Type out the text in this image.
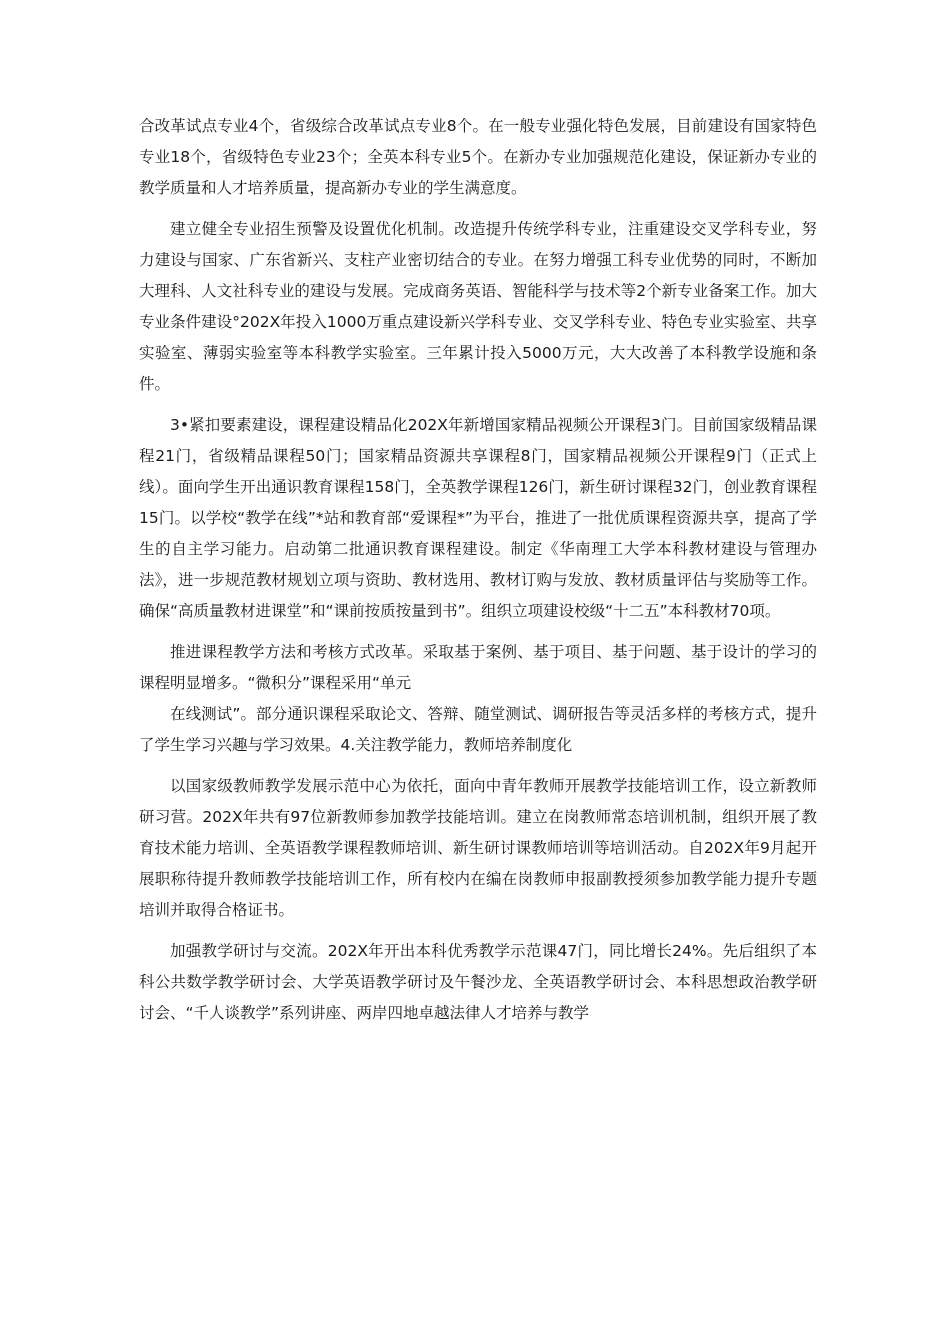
合改革试点专业4个，省级综合改革试点专业8个。在一般专业强化特色发展，目前建设有国家特色专业18个，省级特色专业23个；全英本科专业5个。在新办专业加强规范化建设，保证新办专业的教学质量和人才培养质量，提高新办专业的学生满意度。

建立健全专业招生预警及设置优化机制。改造提升传统学科专业，注重建设交叉学科专业，努力建设与国家、广东省新兴、支柱产业密切结合的专业。在努力增强工科专业优势的同时，不断加大理科、人文社科专业的建设与发展。完成商务英语、智能科学与技术等2个新专业备案工作。加大专业条件建设°202X年投入1000万重点建设新兴学科专业、交叉学科专业、特色专业实验室、共享实验室、薄弱实验室等本科教学实验室。三年累计投入5000万元，大大改善了本科教学设施和条件。

3•紧扣要素建设，课程建设精品化202X年新增国家精品视频公开课程3门。目前国家级精品课程21门，省级精品课程50门；国家精品资源共享课程8门，国家精品视频公开课程9门（正式上线）。面向学生开出通识教育课程158门，全英教学课程126门，新生研讨课程32门，创业教育课程15门。以学校“教学在线”*站和教育部“爱课程*”为平台，推进了一批优质课程资源共享，提高了学生的自主学习能力。启动第二批通识教育课程建设。制定《华南理工大学本科教材建设与管理办法》，进一步规范教材规划立项与资助、教材选用、教材订购与发放、教材质量评估与奖励等工作。确保“高质量教材进课堂”和“课前按质按量到书”。组织立项建设校级“十二五”本科教材70项。

推进课程教学方法和考核方式改革。采取基于案例、基于项目、基于问题、基于设计的学习的课程明显增多。“微积分”课程采用“单元

在线测试”。部分通识课程采取论文、答辩、随堂测试、调研报告等灵活多样的考核方式，提升了学生学习兴趣与学习效果。4.关注教学能力，教师培养制度化

以国家级教师教学发展示范中心为依托，面向中青年教师开展教学技能培训工作，设立新教师研习营。202X年共有97位新教师参加教学技能培训。建立在岗教师常态培训机制，组织开展了教育技术能力培训、全英语教学课程教师培训、新生研讨课教师培训等培训活动。自202X年9月起开展职称待提升教师教学技能培训工作，所有校内在编在岗教师申报副教授须参加教学能力提升专题培训并取得合格证书。

加强教学研讨与交流。202X年开出本科优秀教学示范课47门，同比增长24%。先后组织了本科公共数学教学研讨会、大学英语教学研讨及午餐沙龙、全英语教学研讨会、本科思想政治教学研讨会、“千人谈教学”系列讲座、两岸四地卓越法律人才培养与教学
